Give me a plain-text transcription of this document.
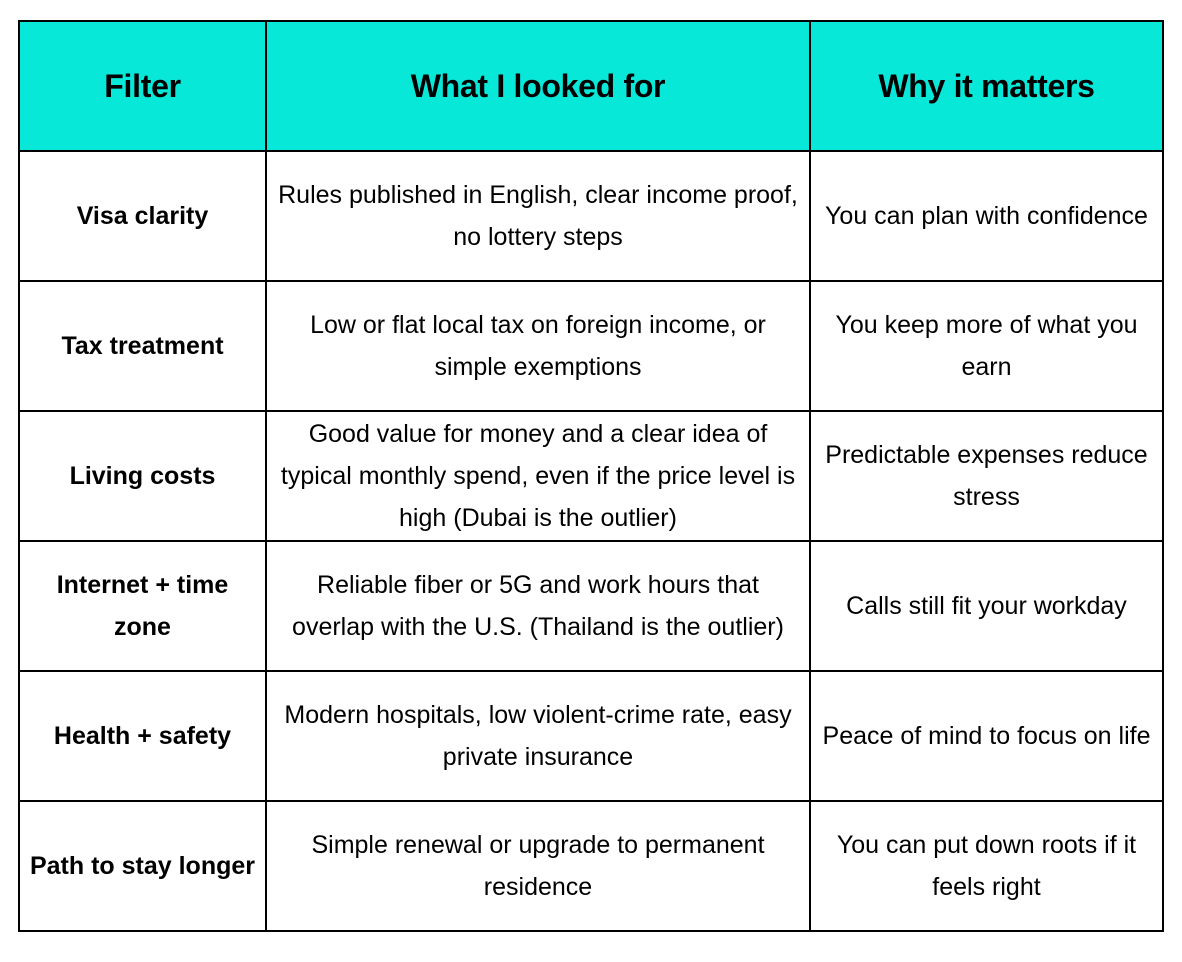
Filter	What I looked for	Why it matters
Visa clarity	Rules published in English, clear income proof, no lottery steps	You can plan with confidence
Tax treatment	Low or flat local tax on foreign income, or simple exemptions	You keep more of what you earn
Living costs	Good value for money and a clear idea of typical monthly spend, even if the price level is high (Dubai is the outlier)	Predictable expenses reduce stress
Internet + time zone	Reliable fiber or 5G and work hours that overlap with the U.S. (Thailand is the outlier)	Calls still fit your workday
Health + safety	Modern hospitals, low violent-crime rate, easy private insurance	Peace of mind to focus on life
Path to stay longer	Simple renewal or upgrade to permanent residence	You can put down roots if it feels right
